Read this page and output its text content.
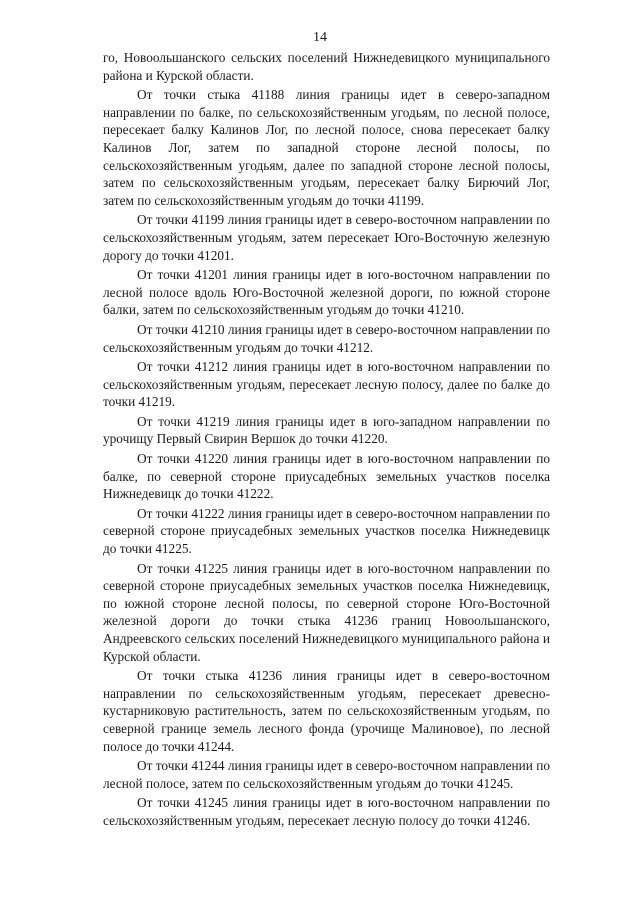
14

го, Новоольшанского сельских поселений Нижнедевицкого муниципального района и Курской области.

От точки стыка 41188 линия границы идет в северо-западном направлении по балке, по сельскохозяйственным угодьям, по лесной полосе, пересекает балку Калинов Лог, по лесной полосе, снова пересекает балку Калинов Лог, затем по западной стороне лесной полосы, по сельскохозяйственным угодьям, далее по западной стороне лесной полосы, затем по сельскохозяйственным угодьям, пересекает балку Бирючий Лог, затем по сельскохозяйственным угодьям до точки 41199.

От точки 41199 линия границы идет в северо-восточном направлении по сельскохозяйственным угодьям, затем пересекает Юго-Восточную железную дорогу до точки 41201.

От точки 41201 линия границы идет в юго-восточном направлении по лесной полосе вдоль Юго-Восточной железной дороги, по южной стороне балки, затем по сельскохозяйственным угодьям до точки 41210.

От точки 41210 линия границы идет в северо-восточном направлении по сельскохозяйственным угодьям до точки 41212.

От точки 41212 линия границы идет в юго-восточном направлении по сельскохозяйственным угодьям, пересекает лесную полосу, далее по балке до точки 41219.

От точки 41219 линия границы идет в юго-западном направлении по урочищу Первый Свирин Вершок до точки 41220.

От точки 41220 линия границы идет в юго-восточном направлении по балке, по северной стороне приусадебных земельных участков поселка Нижнедевицк до точки 41222.

От точки 41222 линия границы идет в северо-восточном направлении по северной стороне приусадебных земельных участков поселка Нижнедевицк до точки 41225.

От точки 41225 линия границы идет в юго-восточном направлении по северной стороне приусадебных земельных участков поселка Нижнедевицк, по южной стороне лесной полосы, по северной стороне Юго-Восточной железной дороги до точки стыка 41236 границ Новоольшанского, Андреевского сельских поселений Нижнедевицкого муниципального района и Курской области.

От точки стыка 41236 линия границы идет в северо-восточном направлении по сельскохозяйственным угодьям, пересекает древесно-кустарниковую растительность, затем по сельскохозяйственным угодьям, по северной границе земель лесного фонда (урочище Малиновое), по лесной полосе до точки 41244.

От точки 41244 линия границы идет в северо-восточном направлении по лесной полосе, затем по сельскохозяйственным угодьям до точки 41245.

От точки 41245 линия границы идет в юго-восточном направлении по сельскохозяйственным угодьям, пересекает лесную полосу до точки 41246.
